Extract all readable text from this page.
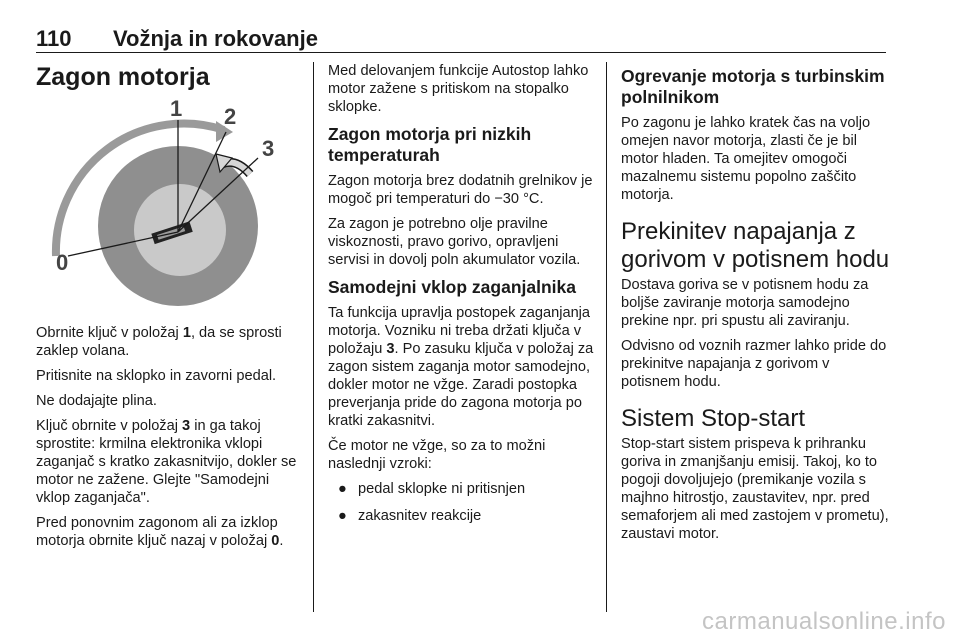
110 Vožnja in rokovanje
Zagon motorja
1 2
3
0

Obrnite ključ v položaj 1, da se sprosti zaklep volana.

Pritisnite na sklopko in zavorni pedal.

Ne dodajajte plina.

Ključ obrnite v položaj 3 in ga takoj sprostite: krmilna elektronika vklopi zaganjač s kratko zakasnitvijo, dokler se motor ne zažene. Glejte "Samodejni vklop zaganjača".

Pred ponovnim zagonom ali za izklop motorja obrnite ključ nazaj v položaj 0.

Med delovanjem funkcije Autostop lahko motor zažene s pritiskom na stopalko sklopke.

Zagon motorja pri nizkih temperaturah

Zagon motorja brez dodatnih grelnikov je mogoč pri temperaturi do −30 °C.

Za zagon je potrebno olje pravilne viskoznosti, pravo gorivo, opravljeni servisi in dovolj poln akumulator vozila.

Samodejni vklop zaganjalnika

Ta funkcija upravlja postopek zaganjanja motorja. Vozniku ni treba držati ključa v položaju 3. Po zasuku ključa v položaj za zagon sistem zaganja motor samodejno, dokler motor ne vžge. Zaradi postopka preverjanja pride do zagona motorja po kratki zakasnitvi.

Če motor ne vžge, so za to možni naslednji vzroki:

● pedal sklopke ni pritisnjen
● zakasnitev reakcije
Ogrevanje motorja s turbinskim polnilnikom

Po zagonu je lahko kratek čas na voljo omejen navor motorja, zlasti če je bil motor hladen. Ta omejitev omogoči mazalnemu sistemu popolno zaščito motorja.

Prekinitev napajanja z gorivom v potisnem hodu

Dostava goriva se v potisnem hodu za boljše zaviranje motorja samodejno prekine npr. pri spustu ali zaviranju.

Odvisno od voznih razmer lahko pride do prekinitve napajanja z gorivom v potisnem hodu.

Sistem Stop-start

Stop-start sistem prispeva k prihranku goriva in zmanjšanju emisij. Takoj, ko to pogoji dovoljujejo (premikanje vozila s majhno hitrostjo, zaustavitev, npr. pred semaforjem ali med zastojem v prometu), zaustavi motor.

carmanualsonline.info
